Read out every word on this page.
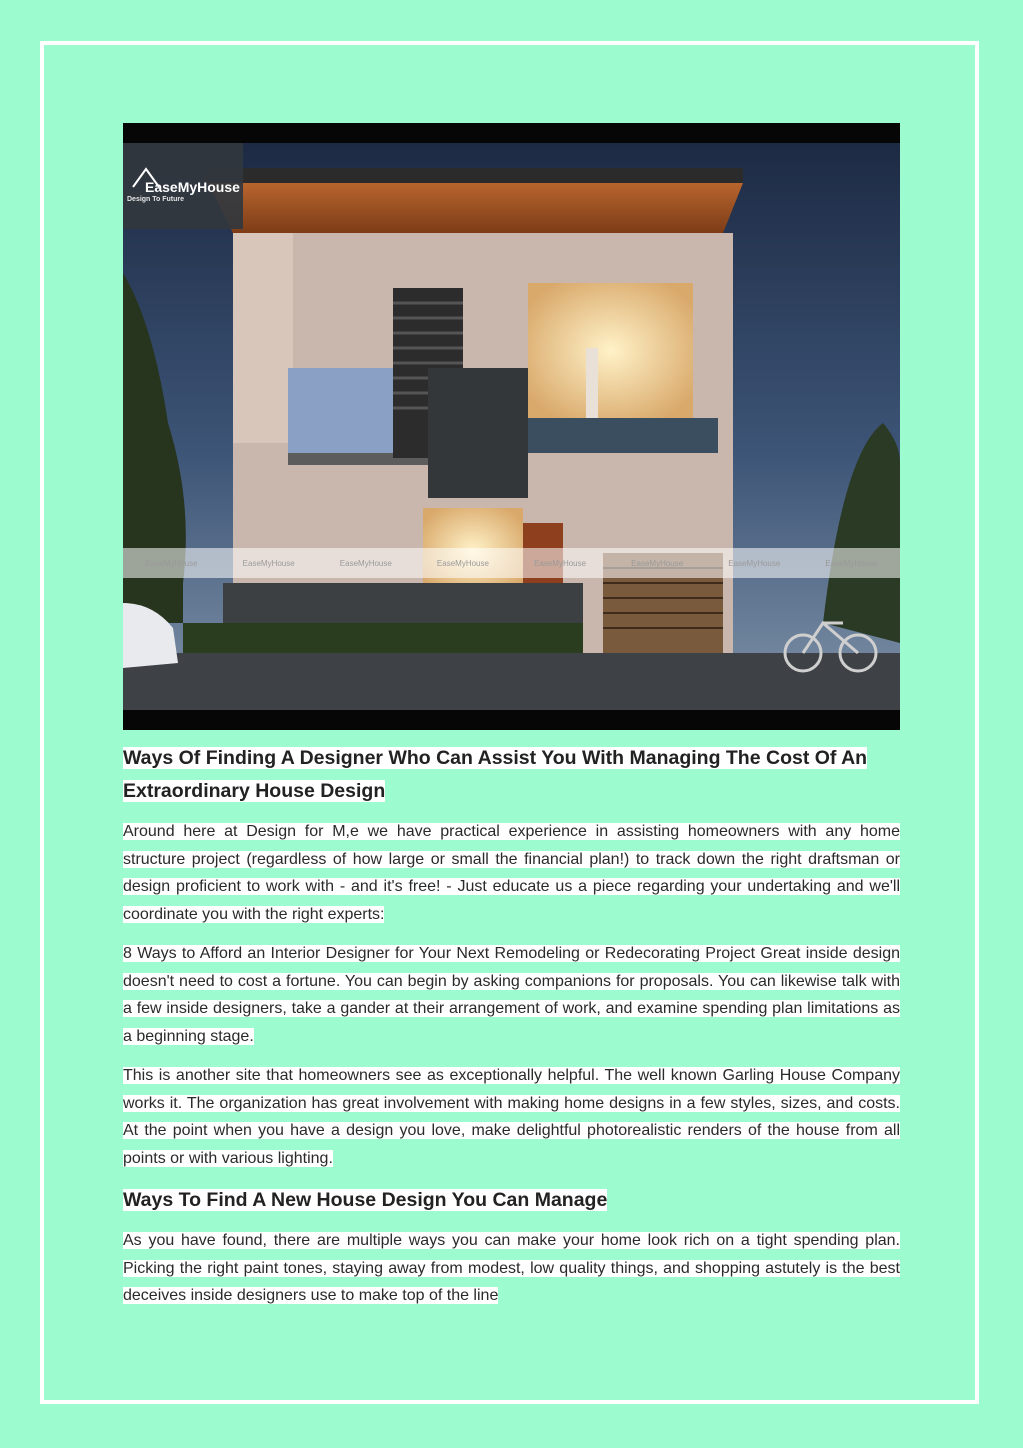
EaseMyHouse
Design To Future
EaseMyHouse	EaseMyHouse	EaseMyHouse	EaseMyHouse	EaseMyHouse	EaseMyHouse	EaseMyHouse	EaseMyHouse
Ways Of Finding A Designer Who Can Assist You With Managing The Cost Of An Extraordinary House Design

Around here at Design for M,e we have practical experience in assisting homeowners with any home structure project (regardless of how large or small the financial plan!) to track down the right draftsman or design proficient to work with - and it's free! - Just educate us a piece regarding your undertaking and we'll coordinate you with the right experts:

8 Ways to Afford an Interior Designer for Your Next Remodeling or Redecorating Project Great inside design doesn't need to cost a fortune. You can begin by asking companions for proposals. You can likewise talk with a few inside designers, take a gander at their arrangement of work, and examine spending plan limitations as a beginning stage.

This is another site that homeowners see as exceptionally helpful. The well known Garling House Company works it. The organization has great involvement with making home designs in a few styles, sizes, and costs. At the point when you have a design you love, make delightful photorealistic renders of the house from all points or with various lighting.

Ways To Find A New House Design You Can Manage

As you have found, there are multiple ways you can make your home look rich on a tight spending plan. Picking the right paint tones, staying away from modest, low quality things, and shopping astutely is the best deceives inside designers use to make top of the line
